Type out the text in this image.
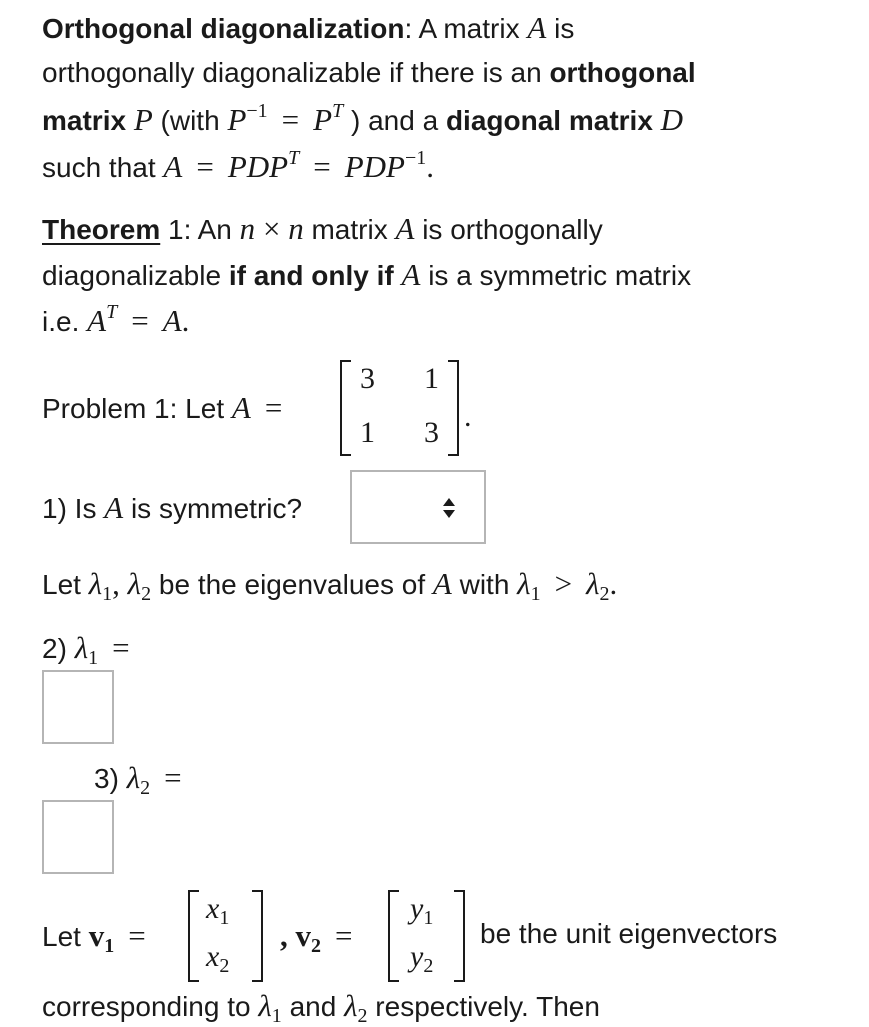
Orthogonal diagonalization: A matrix A is
orthogonally diagonalizable if there is an orthogonal
matrix P (with $P^{-1} = P^T$ ) and a diagonal matrix D
such that $A = PDP^T = PDP^{-1}$.
Theorem 1: An n × n matrix A is orthogonally
diagonalizable if and only if A is a symmetric matrix
i.e. $A^T = A$.
Problem 1: Let A =
3 1
1 3 .
1) Is A is symmetric?
Let $\lambda_1$, $\lambda_2$ be the eigenvalues of A with $\lambda_1 > \lambda_2$.
2) $\lambda_1$ =
3) $\lambda_2$ =
Let $v_1$ =
$x_1$
$x_2$
, $v_2$ =
$y_1$
$y_2$
be the unit eigenvectors
corresponding to $\lambda_1$ and $\lambda_2$ respectively. Then
